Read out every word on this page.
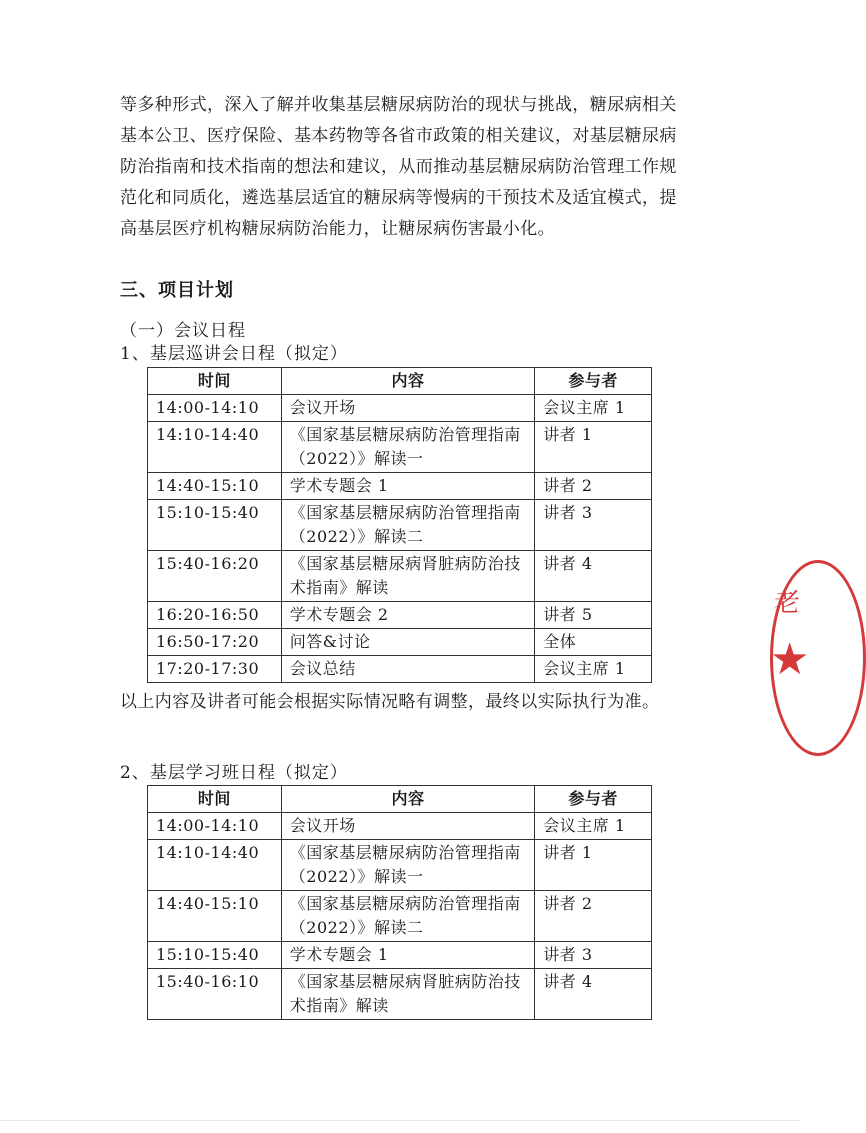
等多种形式，深入了解并收集基层糖尿病防治的现状与挑战，糖尿病相关基本公卫、医疗保险、基本药物等各省市政策的相关建议，对基层糖尿病防治指南和技术指南的想法和建议，从而推动基层糖尿病防治管理工作规范化和同质化，遴选基层适宜的糖尿病等慢病的干预技术及适宜模式，提高基层医疗机构糖尿病防治能力，让糖尿病伤害最小化。

三、项目计划

（一）会议日程

1、基层巡讲会日程（拟定）

时间	内容	参与者
14:00-14:10	会议开场	会议主席 1
14:10-14:40	《国家基层糖尿病防治管理指南（2022）》解读一	讲者 1
14:40-15:10	学术专题会 1	讲者 2
15:10-15:40	《国家基层糖尿病防治管理指南（2022）》解读二	讲者 3
15:40-16:20	《国家基层糖尿病肾脏病防治技术指南》解读	讲者 4
16:20-16:50	学术专题会 2	讲者 5
16:50-17:20	问答&讨论	全体
17:20-17:30	会议总结	会议主席 1

以上内容及讲者可能会根据实际情况略有调整，最终以实际执行为准。

2、基层学习班日程（拟定）

时间	内容	参与者
14:00-14:10	会议开场	会议主席 1
14:10-14:40	《国家基层糖尿病防治管理指南（2022）》解读一	讲者 1
14:40-15:10	《国家基层糖尿病防治管理指南（2022）》解读二	讲者 2
15:10-15:40	学术专题会 1	讲者 3
15:40-16:10	《国家基层糖尿病肾脏病防治技术指南》解读	讲者 4
老
★
